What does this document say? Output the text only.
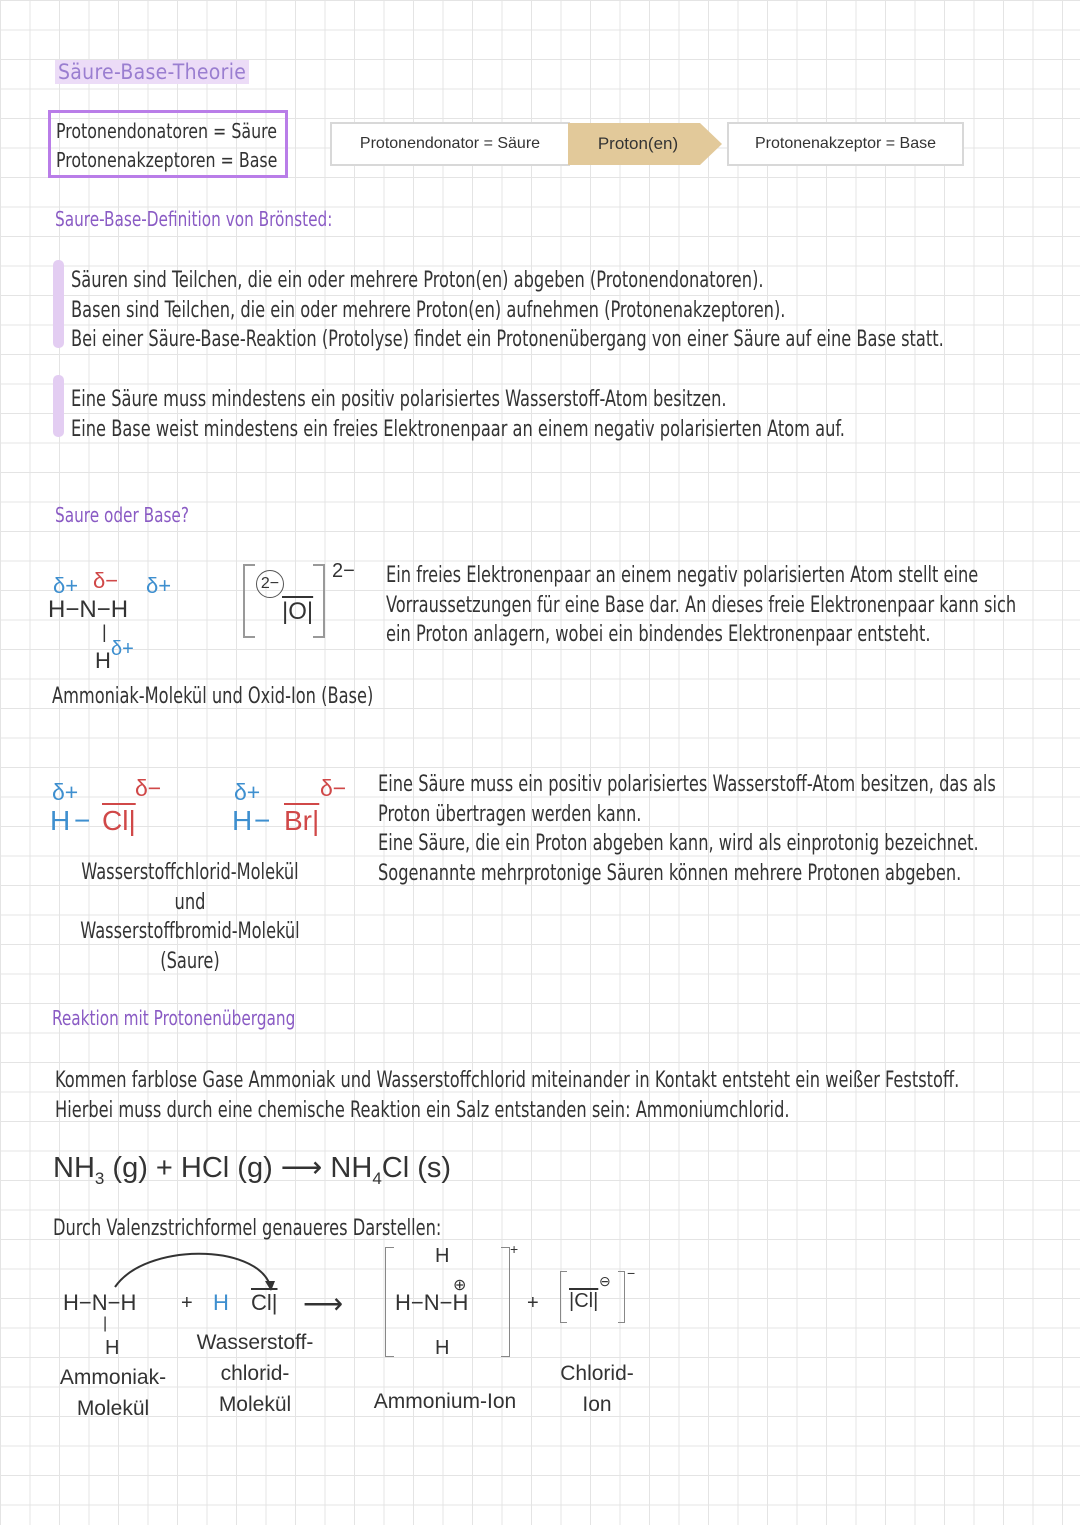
Säure-Base-Theorie
Protonendonatoren = Säure
Protonenakzeptoren = Base
Protonendonator = Säure	Proton(en)	Protonenakzeptor = Base
Saure-Base-Definition von Brönsted:
Säuren sind Teilchen, die ein oder mehrere Proton(en) abgeben (Protonendonatoren).
Basen sind Teilchen, die ein oder mehrere Proton(en) aufnehmen (Protonenakzeptoren).
Bei einer Säure-Base-Reaktion (Protolyse) findet ein Protonenübergang von einer Säure auf eine Base statt.
Eine Säure muss mindestens ein positiv polarisiertes Wasserstoff-Atom besitzen.
Eine Base weist mindestens ein freies Elektronenpaar an einem negativ polarisierten Atom auf.
Saure oder Base?
δ+ δ− δ+
H−N−H
|
H δ+
2−
|O|
2−
Ammoniak-Molekül und Oxid-Ion (Base)
Ein freies Elektronenpaar an einem negativ polarisierten Atom stellt eine
Vorraussetzungen für eine Base dar. An dieses freie Elektronenpaar kann sich
ein Proton anlagern, wobei ein bindendes Elektronenpaar entsteht.
δ+ δ−
H − Cl|
δ+	δ−
H − Br|
Wasserstoffchlorid-Molekül und
Wasserstoffbromid-Molekül
(Saure)
Eine Säure muss ein positiv polarisiertes Wasserstoff-Atom besitzen, das als
Proton übertragen werden kann.
Eine Säure, die ein Proton abgeben kann, wird als einprotonig bezeichnet.
Sogenannte mehrprotonige Säuren können mehrere Protonen abgeben.
Reaktion mit Protonenübergang
Kommen farblose Gase Ammoniak und Wasserstoffchlorid miteinander in Kontakt entsteht ein weißer Feststoff.
Hierbei muss durch eine chemische Reaktion ein Salz entstanden sein: Ammoniumchlorid.
$NH_3$ (g) + HCl (g) ⟶ $NH_4Cl$ (s)
Durch Valenzstrichformel genaueres Darstellen:
H−N−H
|
H
+ H Cl| ⟶
H
⊕
H−N−H
H
+
+ |Cl|
⊖ −
Ammoniak-
Molekül
Wasserstoff-
chlorid-
Molekül	Ammonium-Ion
Chlorid-
Ion
